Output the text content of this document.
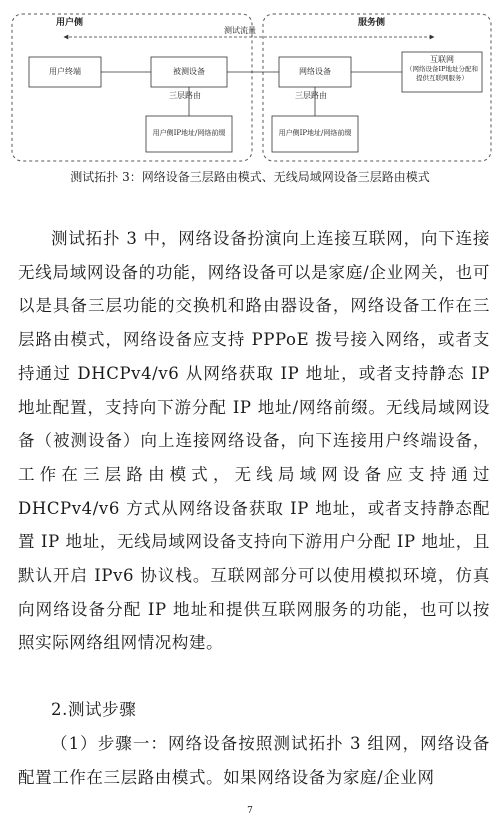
用户侧	服务侧
测试流量
用户终端	被测设备	网络设备
互联网
（网络设备IP地址分配和提供互联网服务）
三层路由	三层路由
用户侧IP地址/网络前缀	用户侧IP地址/网络前缀
测试拓扑 3：网络设备三层路由模式、无线局域网设备三层路由模式

测试拓扑 3 中，网络设备扮演向上连接互联网，向下连接无线局域网设备的功能，网络设备可以是家庭/企业网关，也可以是具备三层功能的交换机和路由器设备，网络设备工作在三层路由模式，网络设备应支持 PPPoE 拨号接入网络，或者支持通过 DHCPv4/v6 从网络获取 IP 地址，或者支持静态 IP 地址配置，支持向下游分配 IP 地址/网络前缀。无线局域网设备（被测设备）向上连接网络设备，向下连接用户终端设备，工作在三层路由模式，无线局域网设备应支持通过 DHCPv4/v6 方式从网络设备获取 IP 地址，或者支持静态配置 IP 地址，无线局域网设备支持向下游用户分配 IP 地址，且默认开启 IPv6 协议栈。互联网部分可以使用模拟环境，仿真向网络设备分配 IP 地址和提供互联网服务的功能，也可以按照实际网络组网情况构建。

2.测试步骤

（1）步骤一：网络设备按照测试拓扑 3 组网，网络设备配置工作在三层路由模式。如果网络设备为家庭/企业网

7
